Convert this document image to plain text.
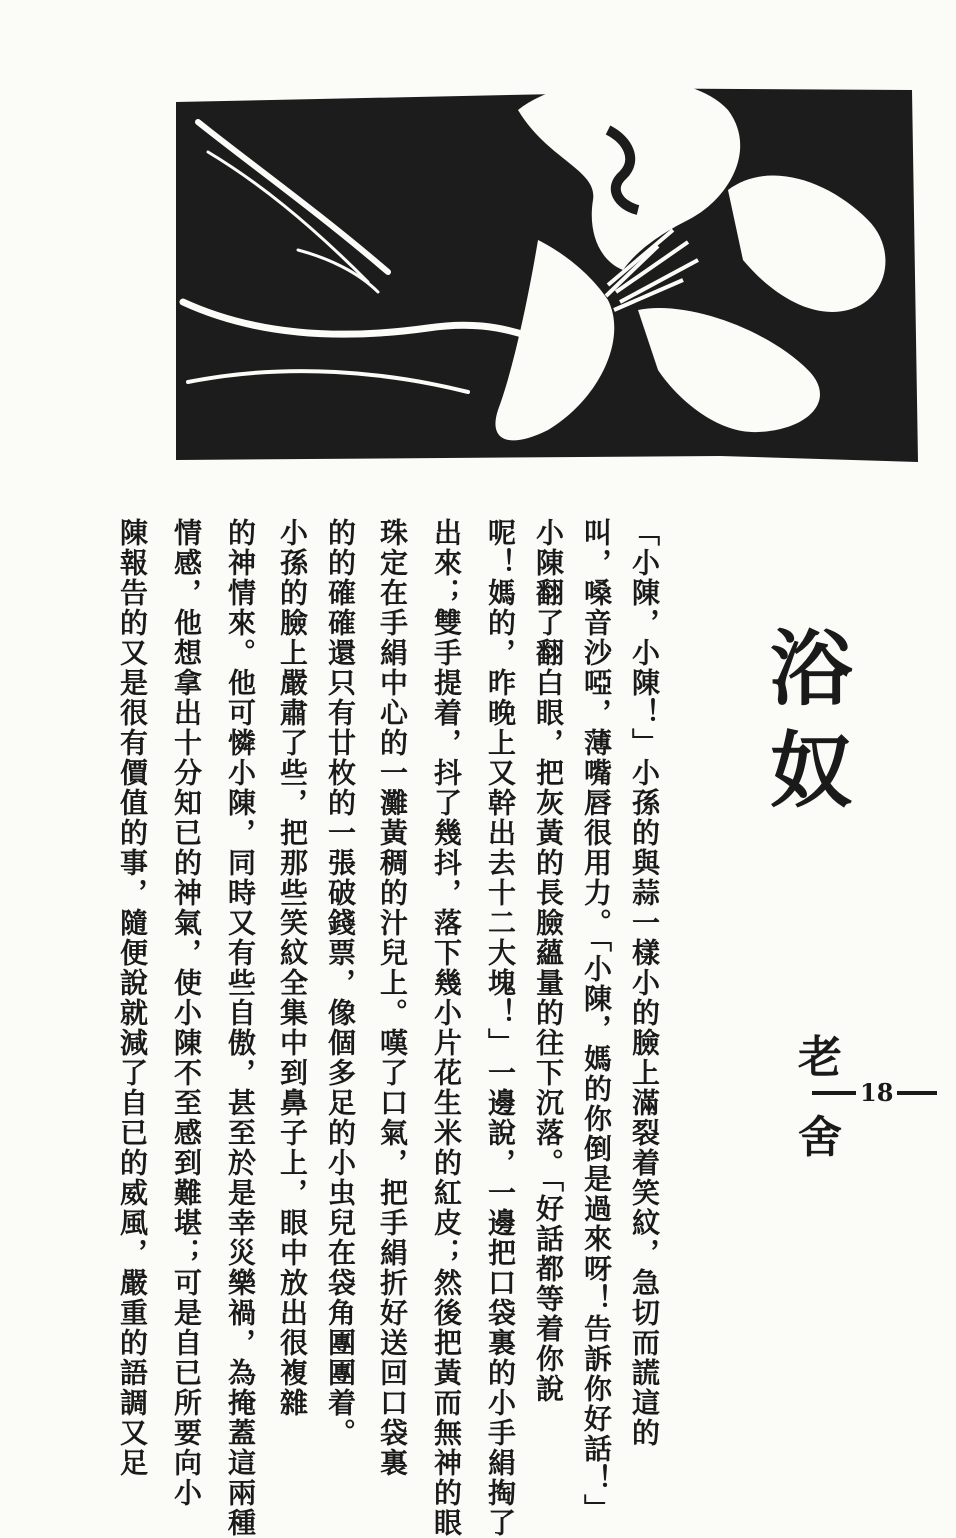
浴
奴
老
舍
「小陳，小陳！」小孫的與蒜一樣小的臉上滿裂着笑紋，急切而謊這的
叫，嗓音沙啞，薄嘴唇很用力。「小陳，媽的你倒是過來呀！告訴你好話！」
小陳翻了翻白眼，把灰黃的長臉蘊量的往下沉落。「好話都等着你說
呢！媽的，昨晚上又幹出去十二大塊！」一邊說，一邊把口袋裏的小手絹掏了
出來；雙手提着，抖了幾抖，落下幾小片花生米的紅皮；然後把黃而無神的眼
珠定在手絹中心的一灘黃稠的汁兒上。嘆了口氣，把手絹折好送回口袋裏
的的確確還只有廿枚的一張破錢票，像個多足的小虫兒在袋角團團着。
小孫的臉上嚴肅了些，把那些笑紋全集中到鼻子上，眼中放出很複雜
的神情來。他可憐小陳，同時又有些自傲，甚至於是幸災樂禍，為掩蓋這兩種
情感，他想拿出十分知已的神氣，使小陳不至感到難堪；可是自已所要向小
陳報告的又是很有價值的事，隨便說就減了自已的威風，嚴重的語調又足	18
